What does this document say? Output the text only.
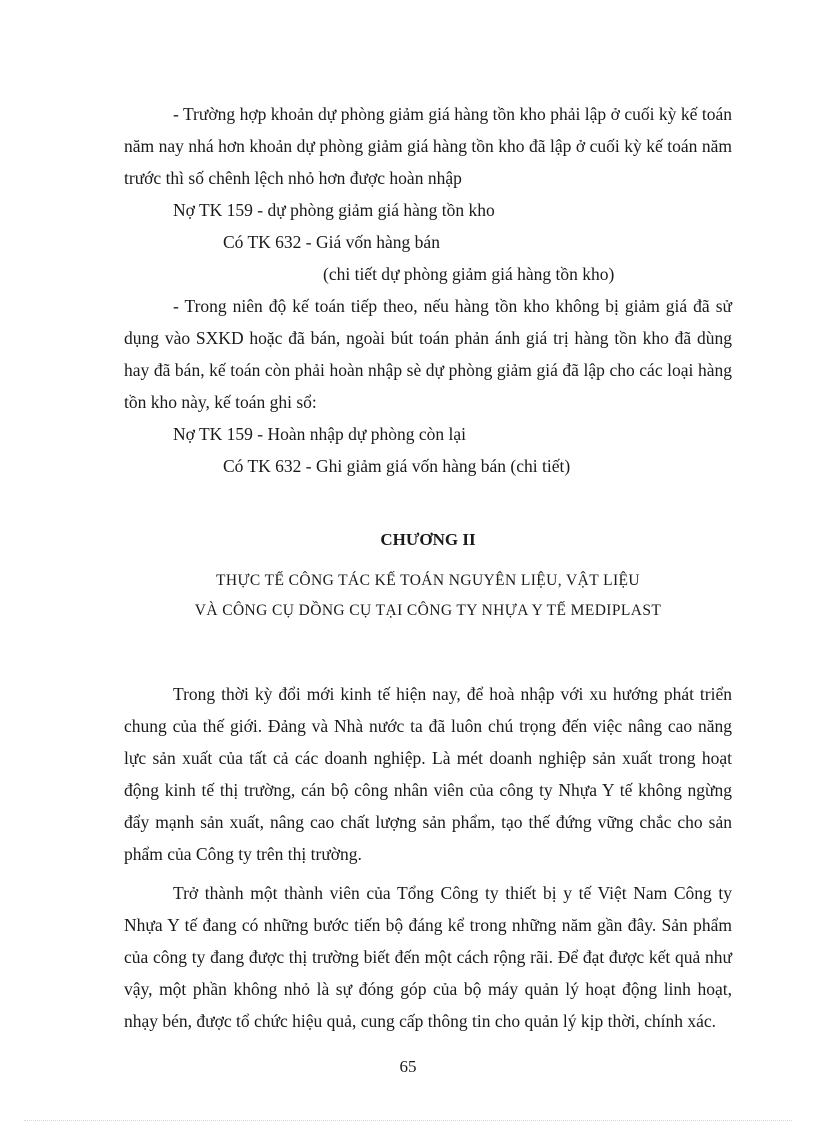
- Trường hợp khoản dự phòng giảm giá hàng tồn kho phải lập ở cuối kỳ kế toán năm nay nhá hơn khoản dự phòng giảm giá hàng tồn kho đã lập ở cuối kỳ kế toán năm trước thì số chênh lệch nhỏ hơn được hoàn nhập

Nợ TK 159 - dự phòng giảm giá hàng tồn kho

Có TK 632 - Giá vốn hàng bán

(chi tiết dự phòng giảm giá hàng tồn kho)

- Trong niên độ kế toán tiếp theo, nếu hàng tồn kho không bị giảm giá đã sử dụng vào SXKD hoặc đã bán, ngoài bút toán phản ánh giá trị hàng tồn kho đã dùng hay đã bán, kế toán còn phải hoàn nhập sè dự phòng giảm giá đã lập cho các loại hàng tồn kho này, kế toán ghi sổ:

Nợ TK 159 - Hoàn nhập dự phòng còn lại

Có TK 632 - Ghi giảm giá vốn hàng bán (chi tiết)

CHƯƠNG II

THỰC TẾ CÔNG TÁC KẾ TOÁN NGUYÊN LIỆU, VẬT LIỆU

VÀ CÔNG CỤ DỒNG CỤ TẠI CÔNG TY NHỰA Y TẾ MEDIPLAST

Trong thời kỳ đổi mới kinh tế hiện nay, để hoà nhập với xu hướng phát triển chung của thế giới. Đảng và Nhà nước ta đã luôn chú trọng đến việc nâng cao năng lực sản xuất của tất cả các doanh nghiệp. Là mét doanh nghiệp sản xuất trong hoạt động kinh tế thị trường, cán bộ công nhân viên của công ty Nhựa Y tế không ngừng đẩy mạnh sản xuất, nâng cao chất lượng sản phẩm, tạo thế đứng vững chắc cho sản phẩm của Công ty trên thị trường.

Trở thành một thành viên của Tổng Công ty thiết bị y tế Việt Nam Công ty Nhựa Y tế đang có những bước tiến bộ đáng kể trong những năm gần đây. Sản phẩm của công ty đang được thị trường biết đến một cách rộng rãi. Để đạt được kết quả như vậy, một phần không nhỏ là sự đóng góp của bộ máy quản lý hoạt động linh hoạt, nhạy bén, được tổ chức hiệu quả, cung cấp thông tin cho quản lý kịp thời, chính xác.

65
